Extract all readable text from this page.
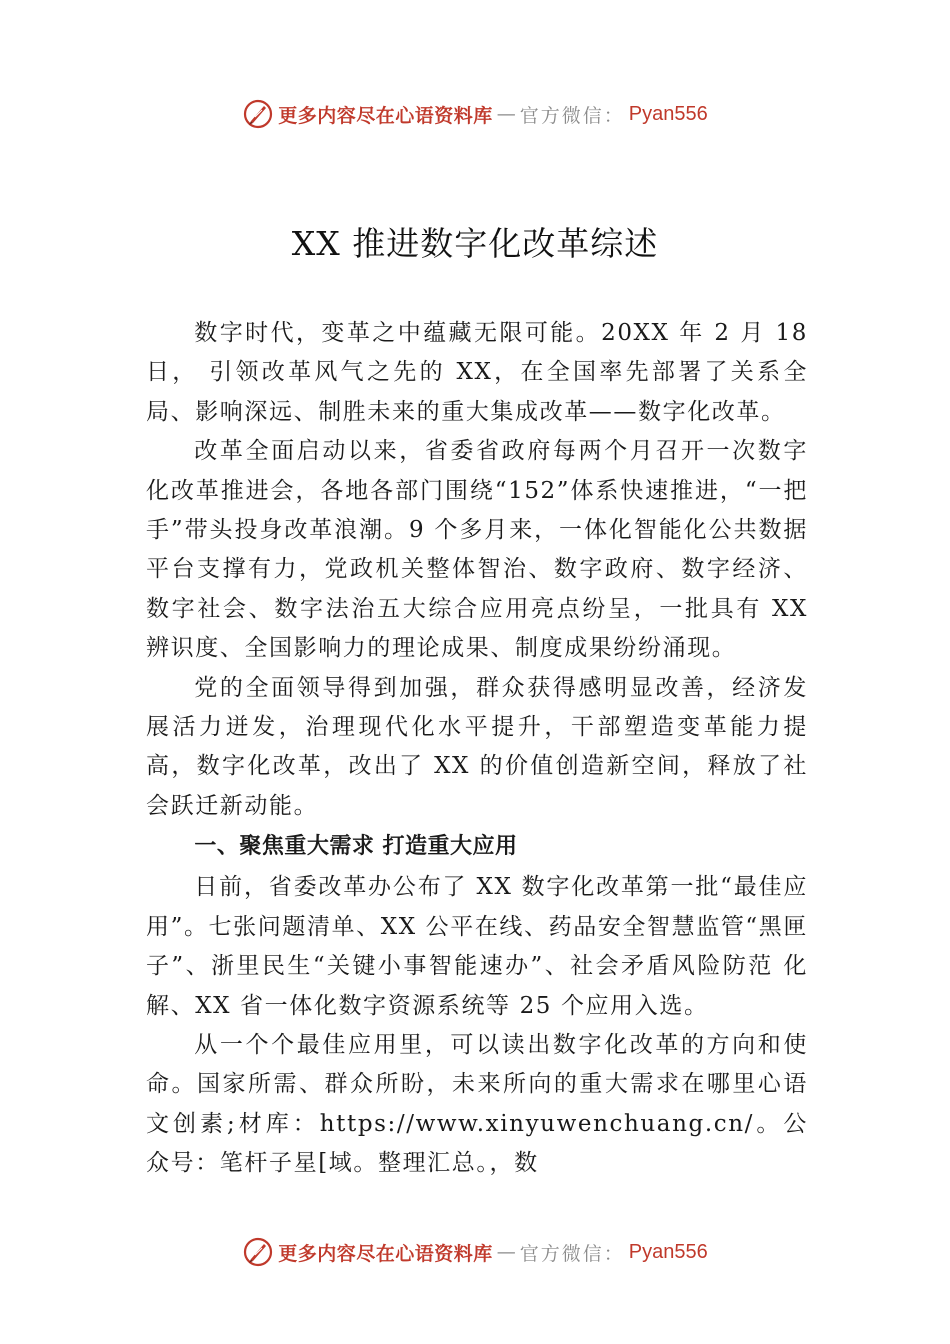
更多内容尽在心语资料库 — 官方微信： Pyan556
XX 推进数字化改革综述

数字时代，变革之中蕴藏无限可能。20XX 年 2 月 18 日， 引领改革风气之先的 XX，在全国率先部署了关系全局、影响深远、制胜未来的重大集成改革——数字化改革。

改革全面启动以来，省委省政府每两个月召开一次数字化改革推进会，各地各部门围绕“152”体系快速推进，“一把手”带头投身改革浪潮。9 个多月来，一体化智能化公共数据平台支撑有力，党政机关整体智治、数字政府、数字经济、数字社会、数字法治五大综合应用亮点纷呈，一批具有 XX 辨识度、全国影响力的理论成果、制度成果纷纷涌现。

党的全面领导得到加强，群众获得感明显改善，经济发展活力迸发，治理现代化水平提升，干部塑造变革能力提高，数字化改革，改出了 XX 的价值创造新空间，释放了社会跃迁新动能。

一、聚焦重大需求 打造重大应用

日前，省委改革办公布了 XX 数字化改革第一批“最佳应用”。七张问题清单、XX 公平在线、药品安全智慧监管“黑匣子”、浙里民生“关键小事智能速办”、社会矛盾风险防范 化解、XX 省一体化数字资源系统等 25 个应用入选。

从一个个最佳应用里，可以读出数字化改革的方向和使命。国家所需、群众所盼，未来所向的重大需求在哪里心语文创素;材库：https://www.xinyuwenchuang.cn/。公众号：笔杆子星[域。整理汇总。，数

更多内容尽在心语资料库 — 官方微信： Pyan556
